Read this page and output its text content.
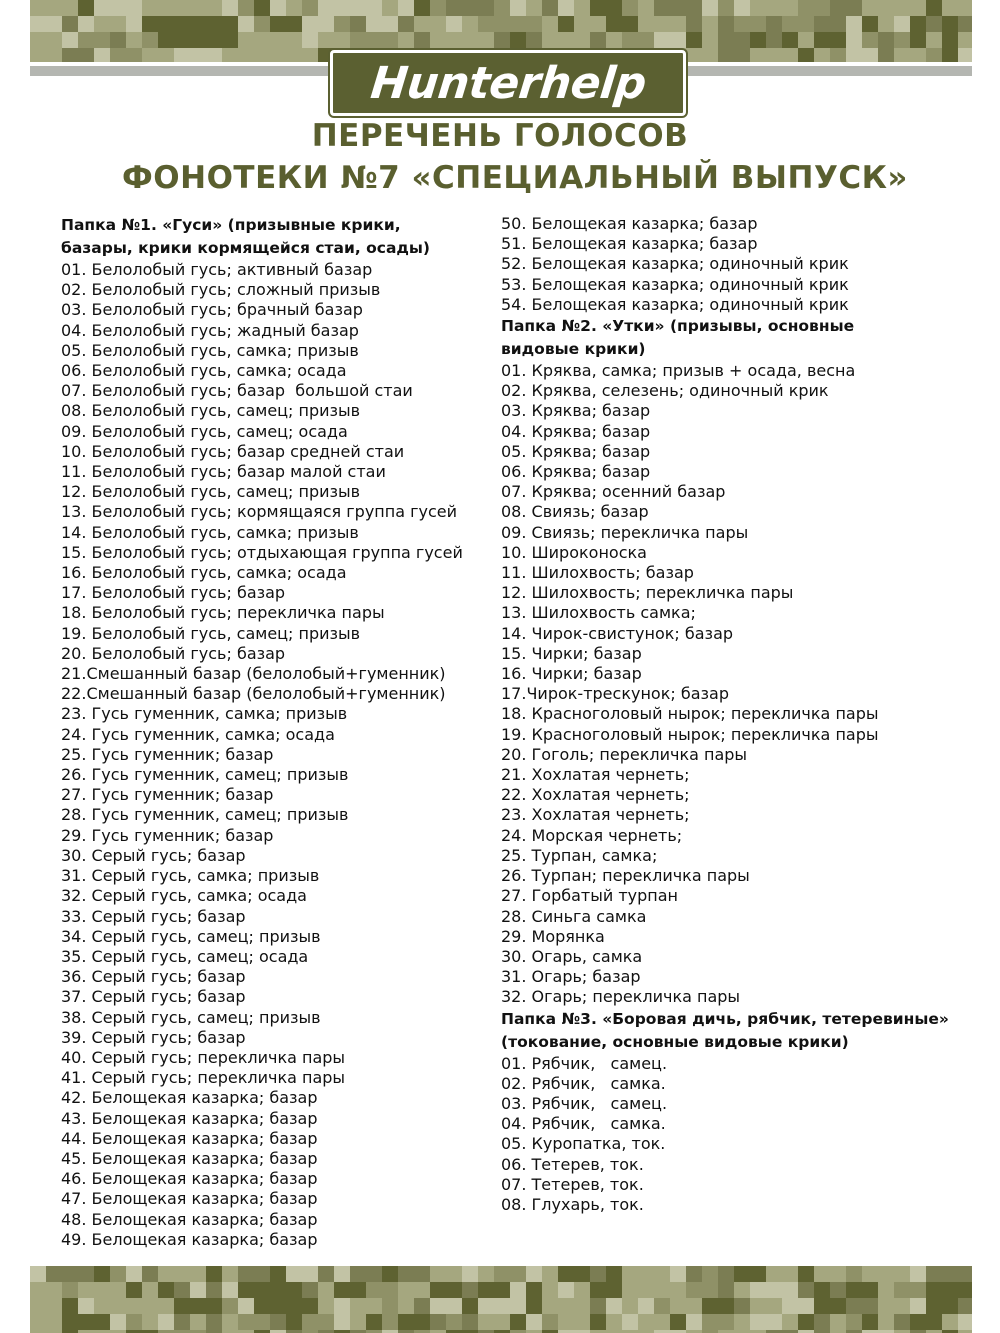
Hunterhelp
ПЕРЕЧЕНЬ ГОЛОСОВ
ФОНОТЕКИ №7 «СПЕЦИАЛЬНЫЙ ВЫПУСК»

Папка №1. «Гуси» (призывные крики,

базары, крики кормящейся стаи, осады)

01. Белолобый гусь; активный базар

02. Белолобый гусь; сложный призыв

03. Белолобый гусь; брачный базар

04. Белолобый гусь; жадный базар

05. Белолобый гусь, самка; призыв

06. Белолобый гусь, самка; осада

07. Белолобый гусь; базар  большой стаи

08. Белолобый гусь, самец; призыв

09. Белолобый гусь, самец; осада

10. Белолобый гусь; базар средней стаи

11. Белолобый гусь; базар малой стаи

12. Белолобый гусь, самец; призыв

13. Белолобый гусь; кормящаяся группа гусей

14. Белолобый гусь, самка; призыв

15. Белолобый гусь; отдыхающая группа гусей

16. Белолобый гусь, самка; осада

17. Белолобый гусь; базар

18. Белолобый гусь; перекличка пары

19. Белолобый гусь, самец; призыв

20. Белолобый гусь; базар

21.Смешанный базар (белолобый+гуменник)

22.Смешанный базар (белолобый+гуменник)

23. Гусь гуменник, самка; призыв

24. Гусь гуменник, самка; осада

25. Гусь гуменник; базар

26. Гусь гуменник, самец; призыв

27. Гусь гуменник; базар

28. Гусь гуменник, самец; призыв

29. Гусь гуменник; базар

30. Серый гусь; базар

31. Серый гусь, самка; призыв

32. Серый гусь, самка; осада

33. Серый гусь; базар

34. Серый гусь, самец; призыв

35. Серый гусь, самец; осада

36. Серый гусь; базар

37. Серый гусь; базар

38. Серый гусь, самец; призыв

39. Серый гусь; базар

40. Серый гусь; перекличка пары

41. Серый гусь; перекличка пары

42. Белощекая казарка; базар

43. Белощекая казарка; базар

44. Белощекая казарка; базар

45. Белощекая казарка; базар

46. Белощекая казарка; базар

47. Белощекая казарка; базар

48. Белощекая казарка; базар

49. Белощекая казарка; базар

50. Белощекая казарка; базар

51. Белощекая казарка; базар

52. Белощекая казарка; одиночный крик

53. Белощекая казарка; одиночный крик

54. Белощекая казарка; одиночный крик

Папка №2. «Утки» (призывы, основные

видовые крики)

01. Кряква, самка; призыв + осада, весна

02. Кряква, селезень; одиночный крик

03. Кряква; базар

04. Кряква; базар

05. Кряква; базар

06. Кряква; базар

07. Кряква; осенний базар

08. Свиязь; базар

09. Свиязь; перекличка пары

10. Широконоска

11. Шилохвость; базар

12. Шилохвость; перекличка пары

13. Шилохвость самка;

14. Чирок-свистунок; базар

15. Чирки; базар

16. Чирки; базар

17.Чирок-трескунок; базар

18. Красноголовый нырок; перекличка пары

19. Красноголовый нырок; перекличка пары

20. Гоголь; перекличка пары

21. Хохлатая чернеть;

22. Хохлатая чернеть;

23. Хохлатая чернеть;

24. Морская чернеть;

25. Турпан, самка;

26. Турпан; перекличка пары

27. Горбатый турпан

28. Синьга самка

29. Морянка

30. Огарь, самка

31. Огарь; базар

32. Огарь; перекличка пары

Папка №3. «Боровая дичь, рябчик, тетеревиные»

(токование, основные видовые крики)

01. Рябчик,   самец.

02. Рябчик,   самка.

03. Рябчик,   самец.

04. Рябчик,   самка.

05. Куропатка, ток.

06. Тетерев, ток.

07. Тетерев, ток.

08. Глухарь, ток.
